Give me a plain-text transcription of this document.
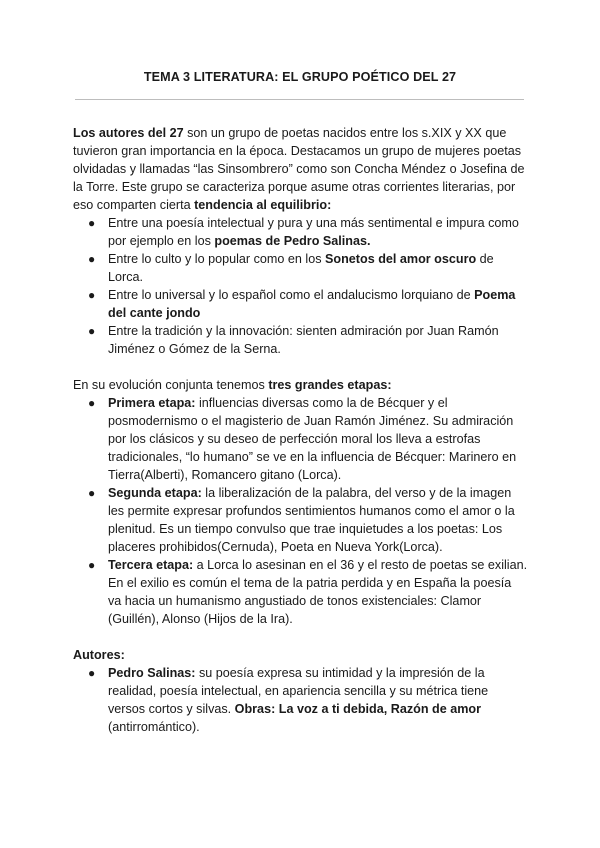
TEMA 3 LITERATURA: EL GRUPO POÉTICO DEL 27

Los autores del 27 son un grupo de poetas nacidos entre los s.XIX y XX que tuvieron gran importancia en la época. Destacamos un grupo de mujeres poetas olvidadas y llamadas “las Sinsombrero” como son Concha Méndez o Josefina de la Torre. Este grupo se caracteriza porque asume otras corrientes literarias, por eso comparten cierta tendencia al equilibrio:

● Entre una poesía intelectual y pura y una más sentimental e impura como por ejemplo en los poemas de Pedro Salinas.
● Entre lo culto y lo popular como en los Sonetos del amor oscuro de Lorca.
● Entre lo universal y lo español como el andalucismo lorquiano de Poema del cante jondo
● Entre la tradición y la innovación: sienten admiración por Juan Ramón Jiménez o Gómez de la Serna.

En su evolución conjunta tenemos tres grandes etapas:

● Primera etapa: influencias diversas como la de Bécquer y el posmodernismo o el magisterio de Juan Ramón Jiménez. Su admiración por los clásicos y su deseo de perfección moral los lleva a estrofas tradicionales, “lo humano” se ve en la influencia de Bécquer: Marinero en Tierra(Alberti), Romancero gitano (Lorca).
● Segunda etapa: la liberalización de la palabra, del verso y de la imagen les permite expresar profundos sentimientos humanos como el amor o la plenitud. Es un tiempo convulso que trae inquietudes a los poetas: Los placeres prohibidos(Cernuda), Poeta en Nueva York(Lorca).
● Tercera etapa: a Lorca lo asesinan en el 36 y el resto de poetas se exilian. En el exilio es común el tema de la patria perdida y en España la poesía va hacia un humanismo angustiado de tonos existenciales: Clamor (Guillén), Alonso (Hijos de la Ira).

Autores:

● Pedro Salinas: su poesía expresa su intimidad y la impresión de la realidad, poesía intelectual, en apariencia sencilla y su métrica tiene versos cortos y silvas. Obras: La voz a ti debida, Razón de amor (antirromántico).
